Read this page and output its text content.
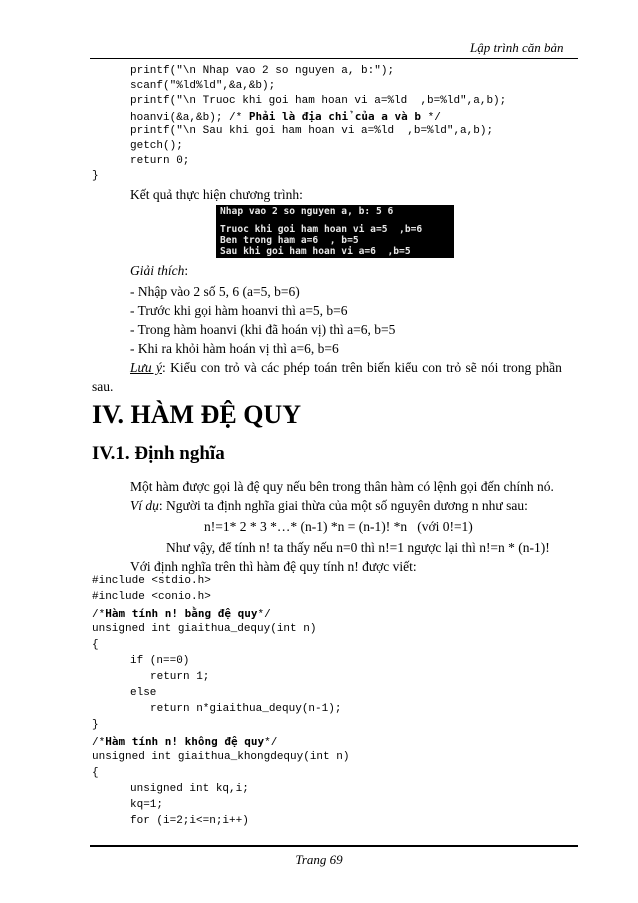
Lập trình căn bản
printf("\n Nhap vao 2 so nguyen a, b:");
scanf("%ld%ld",&a,&b);
printf("\n Truoc khi goi ham hoan vi a=%ld  ,b=%ld",a,b);
hoanvi(&a,&b); /* Phải là địa chỉ của a và b */
printf("\n Sau khi goi ham hoan vi a=%ld  ,b=%ld",a,b);
getch();
return 0;
}
Kết quả thực hiện chương trình:
Nhap vao 2 so nguyen a, b: 5 6
Truoc khi goi ham hoan vi a=5  ,b=6
Ben trong ham a=6  , b=5
Sau khi goi ham hoan vi a=6  ,b=5
Giải thích:
- Nhập vào 2 số 5, 6 (a=5, b=6)
- Trước khi gọi hàm hoanvi thì a=5, b=6
- Trong hàm hoanvi (khi đã hoán vị) thì a=6, b=5
- Khi ra khỏi hàm hoán vị thì a=6, b=6
Lưu ý: Kiểu con trỏ và các phép toán trên biến kiểu con trỏ sẽ nói trong phần
sau.
IV. HÀM ĐỆ QUY
IV.1. Định nghĩa
Một hàm được gọi là đệ quy nếu bên trong thân hàm có lệnh gọi đến chính nó.
Ví dụ: Người ta định nghĩa giai thừa của một số nguyên dương n như sau:
n!=1* 2 * 3 *…* (n-1) *n = (n-1)! *n   (với 0!=1)
Như vậy, để tính n! ta thấy nếu n=0 thì n!=1 ngược lại thì n!=n * (n-1)!
Với định nghĩa trên thì hàm đệ quy tính n! được viết:
#include <stdio.h>
#include <conio.h>
/*Hàm tính n! bằng đệ quy*/
unsigned int giaithua_dequy(int n)
{
if (n==0)
return 1;
else
return n*giaithua_dequy(n-1);
}
/*Hàm tính n! không đệ quy*/
unsigned int giaithua_khongdequy(int n)
{
unsigned int kq,i;
kq=1;
for (i=2;i<=n;i++)
Trang 69
